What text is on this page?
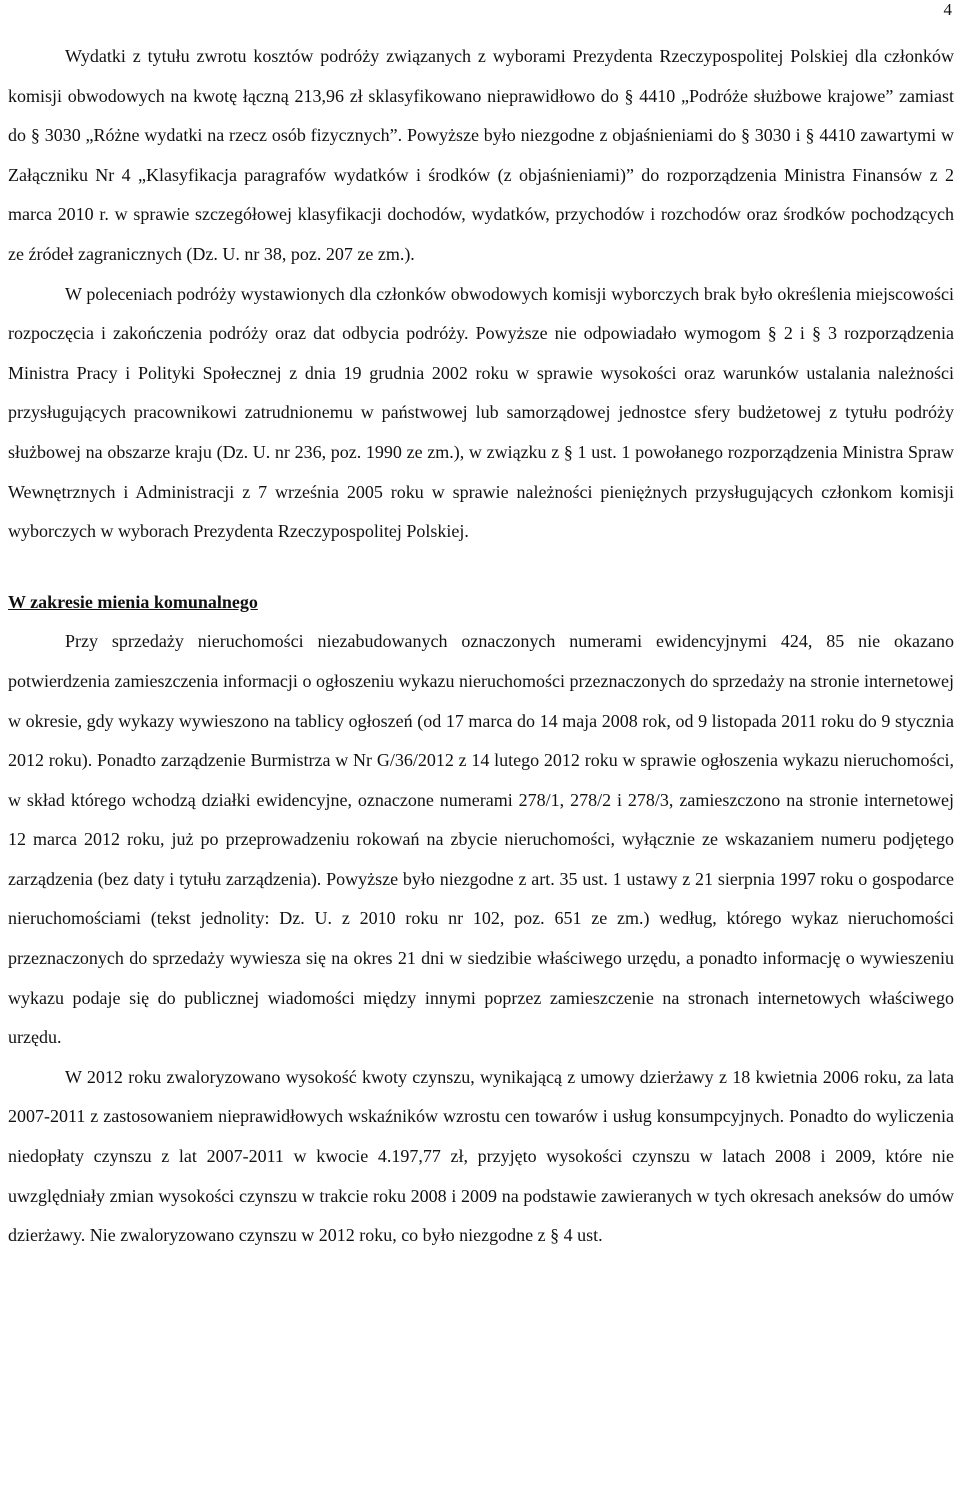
4

Wydatki z tytułu zwrotu kosztów podróży związanych z wyborami Prezydenta Rzeczypospolitej Polskiej dla członków komisji obwodowych na kwotę łączną 213,96 zł sklasyfikowano nieprawidłowo do § 4410 „Podróże służbowe krajowe” zamiast do § 3030 „Różne wydatki na rzecz osób fizycznych”. Powyższe było niezgodne z objaśnieniami do § 3030 i § 4410 zawartymi w Załączniku Nr 4 „Klasyfikacja paragrafów wydatków i środków (z objaśnieniami)” do rozporządzenia Ministra Finansów z 2 marca 2010 r. w sprawie szczegółowej klasyfikacji dochodów, wydatków, przychodów i rozchodów oraz środków pochodzących ze źródeł zagranicznych (Dz. U. nr 38, poz. 207 ze zm.).

W poleceniach podróży wystawionych dla członków obwodowych komisji wyborczych brak było określenia miejscowości rozpoczęcia i zakończenia podróży oraz dat odbycia podróży. Powyższe nie odpowiadało wymogom § 2 i § 3 rozporządzenia Ministra Pracy i Polityki Społecznej z dnia 19 grudnia 2002 roku w sprawie wysokości oraz warunków ustalania należności przysługujących pracownikowi zatrudnionemu w państwowej lub samorządowej jednostce sfery budżetowej z tytułu podróży służbowej na obszarze kraju (Dz. U. nr 236, poz. 1990 ze zm.), w związku z § 1 ust. 1 powołanego rozporządzenia Ministra Spraw Wewnętrznych i Administracji z 7 września 2005 roku w sprawie należności pieniężnych przysługujących członkom komisji wyborczych w wyborach Prezydenta Rzeczypospolitej Polskiej.

W zakresie mienia komunalnego

Przy sprzedaży nieruchomości niezabudowanych oznaczonych numerami ewidencyjnymi 424, 85 nie okazano potwierdzenia zamieszczenia informacji o ogłoszeniu wykazu nieruchomości przeznaczonych do sprzedaży na stronie internetowej w okresie, gdy wykazy wywieszono na tablicy ogłoszeń (od 17 marca do 14 maja 2008 rok, od 9 listopada 2011 roku do 9 stycznia 2012 roku). Ponadto zarządzenie Burmistrza w Nr G/36/2012 z 14 lutego 2012 roku w sprawie ogłoszenia wykazu nieruchomości, w skład którego wchodzą działki ewidencyjne, oznaczone numerami 278/1, 278/2 i 278/3, zamieszczono na stronie internetowej 12 marca 2012 roku, już po przeprowadzeniu rokowań na zbycie nieruchomości, wyłącznie ze wskazaniem numeru podjętego zarządzenia (bez daty i tytułu zarządzenia). Powyższe było niezgodne z art. 35 ust. 1 ustawy z 21 sierpnia 1997 roku o gospodarce nieruchomościami (tekst jednolity: Dz. U. z 2010 roku nr 102, poz. 651 ze zm.) według, którego wykaz nieruchomości przeznaczonych do sprzedaży wywiesza się na okres 21 dni w siedzibie właściwego urzędu, a ponadto informację o wywieszeniu wykazu podaje się do publicznej wiadomości między innymi poprzez zamieszczenie na stronach internetowych właściwego urzędu.

W 2012 roku zwaloryzowano wysokość kwoty czynszu, wynikającą z umowy dzierżawy z 18 kwietnia 2006 roku, za lata 2007-2011 z zastosowaniem nieprawidłowych wskaźników wzrostu cen towarów i usług konsumpcyjnych. Ponadto do wyliczenia niedopłaty czynszu z lat 2007-2011 w kwocie 4.197,77 zł, przyjęto wysokości czynszu w latach 2008 i 2009, które nie uwzględniały zmian wysokości czynszu w trakcie roku 2008 i 2009 na podstawie zawieranych w tych okresach aneksów do umów dzierżawy. Nie zwaloryzowano czynszu w 2012 roku, co było niezgodne z § 4 ust.
